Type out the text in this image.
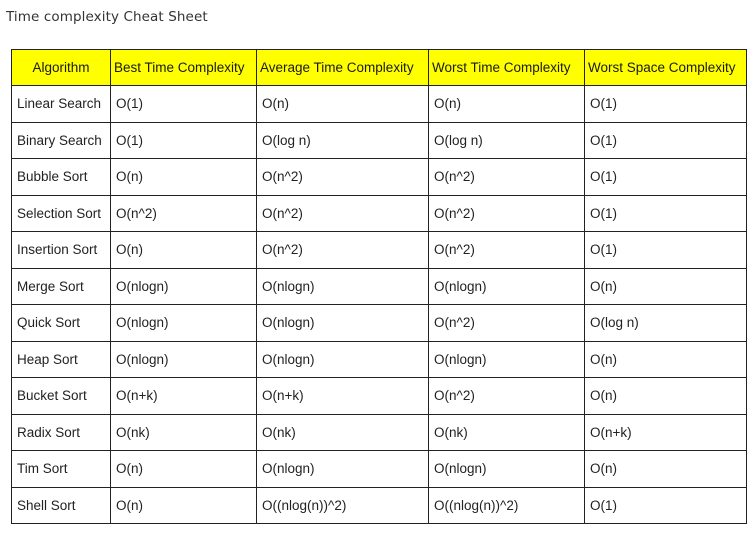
Time complexity Cheat Sheet
Algorithm	Best Time Complexity	Average Time Complexity	Worst Time Complexity	Worst Space Complexity
Linear Search	O(1)	O(n)	O(n)	O(1)
Binary Search	O(1)	O(log n)	O(log n)	O(1)
Bubble Sort	O(n)	O(n^2)	O(n^2)	O(1)
Selection Sort	O(n^2)	O(n^2)	O(n^2)	O(1)
Insertion Sort	O(n)	O(n^2)	O(n^2)	O(1)
Merge Sort	O(nlogn)	O(nlogn)	O(nlogn)	O(n)
Quick Sort	O(nlogn)	O(nlogn)	O(n^2)	O(log n)
Heap Sort	O(nlogn)	O(nlogn)	O(nlogn)	O(n)
Bucket Sort	O(n+k)	O(n+k)	O(n^2)	O(n)
Radix Sort	O(nk)	O(nk)	O(nk)	O(n+k)
Tim Sort	O(n)	O(nlogn)	O(nlogn)	O(n)
Shell Sort	O(n)	O((nlog(n))^2)	O((nlog(n))^2)	O(1)
